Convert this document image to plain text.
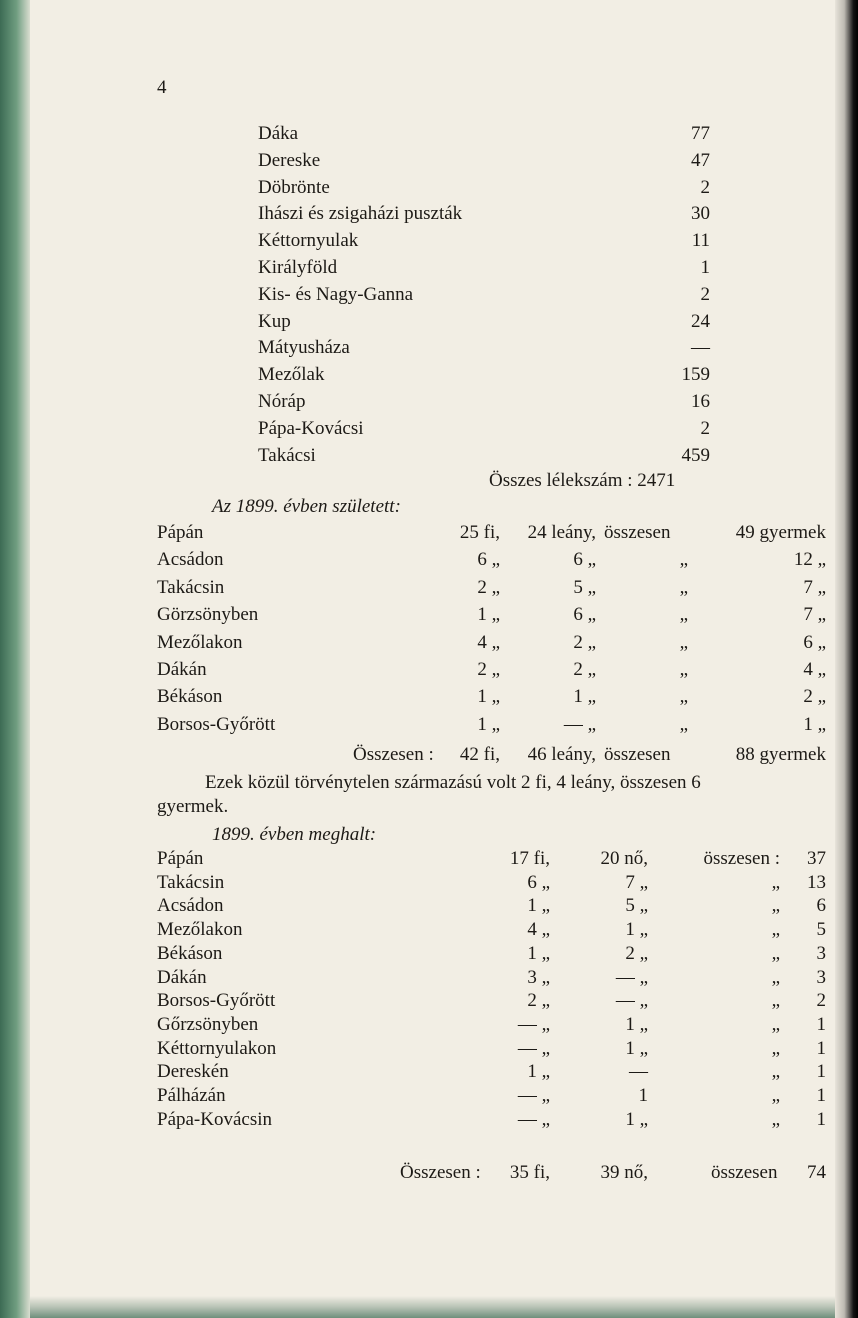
4
Dáka	77
Dereske	47
Döbrönte	2
Ihászi és zsigaházi puszták	30
Kéttornyulak	11
Királyföld	1
Kis- és Nagy-Ganna	2
Kup	24
Mátyusháza	—
Mezőlak	159
Nóráp	16
Pápa-Kovácsi	2
Takácsi	459
Összes lélekszám : 2471
Az 1899. évben született:
Pápán	25 fi,	24 leány, összesen	49 gyermek
Acsádon	6 „	6 „	„	12 „
Takácsin	2 „	5 „	„	7 „
Görzsönyben	1 „	6 „	„	7 „
Mezőlakon	4 „	2 „	„	6 „
Dákán	2 „	2 „	„	4 „
Békáson	1 „	1 „	„	2 „
Borsos-Győrött	1 „	— „	„	1 „
Összesen :	42 fi,	46 leány, összesen	88 gyermek
Ezek közül törvénytelen származású volt 2 fi, 4 leány, összesen 6
gyermek.
1899. évben meghalt:
Pápán	17 fi,	20 nő,	összesen :	37
Takácsin	6 „	7 „	„	13
Acsádon	1 „	5 „	„	6
Mezőlakon	4 „	1 „	„	5
Békáson	1 „	2 „	„	3
Dákán	3 „	— „	„	3
Borsos-Győrött	2 „	— „	„	2
Gőrzsönyben	— „	1 „	„	1
Kéttornyulakon	— „	1 „	„	1
Dereskén	1 „	—	„	1
Pálházán	— „	1	„	1
Pápa-Kovácsin	— „	1 „	„	1
Összesen :	35 fi,	39 nő,	összesen	74
